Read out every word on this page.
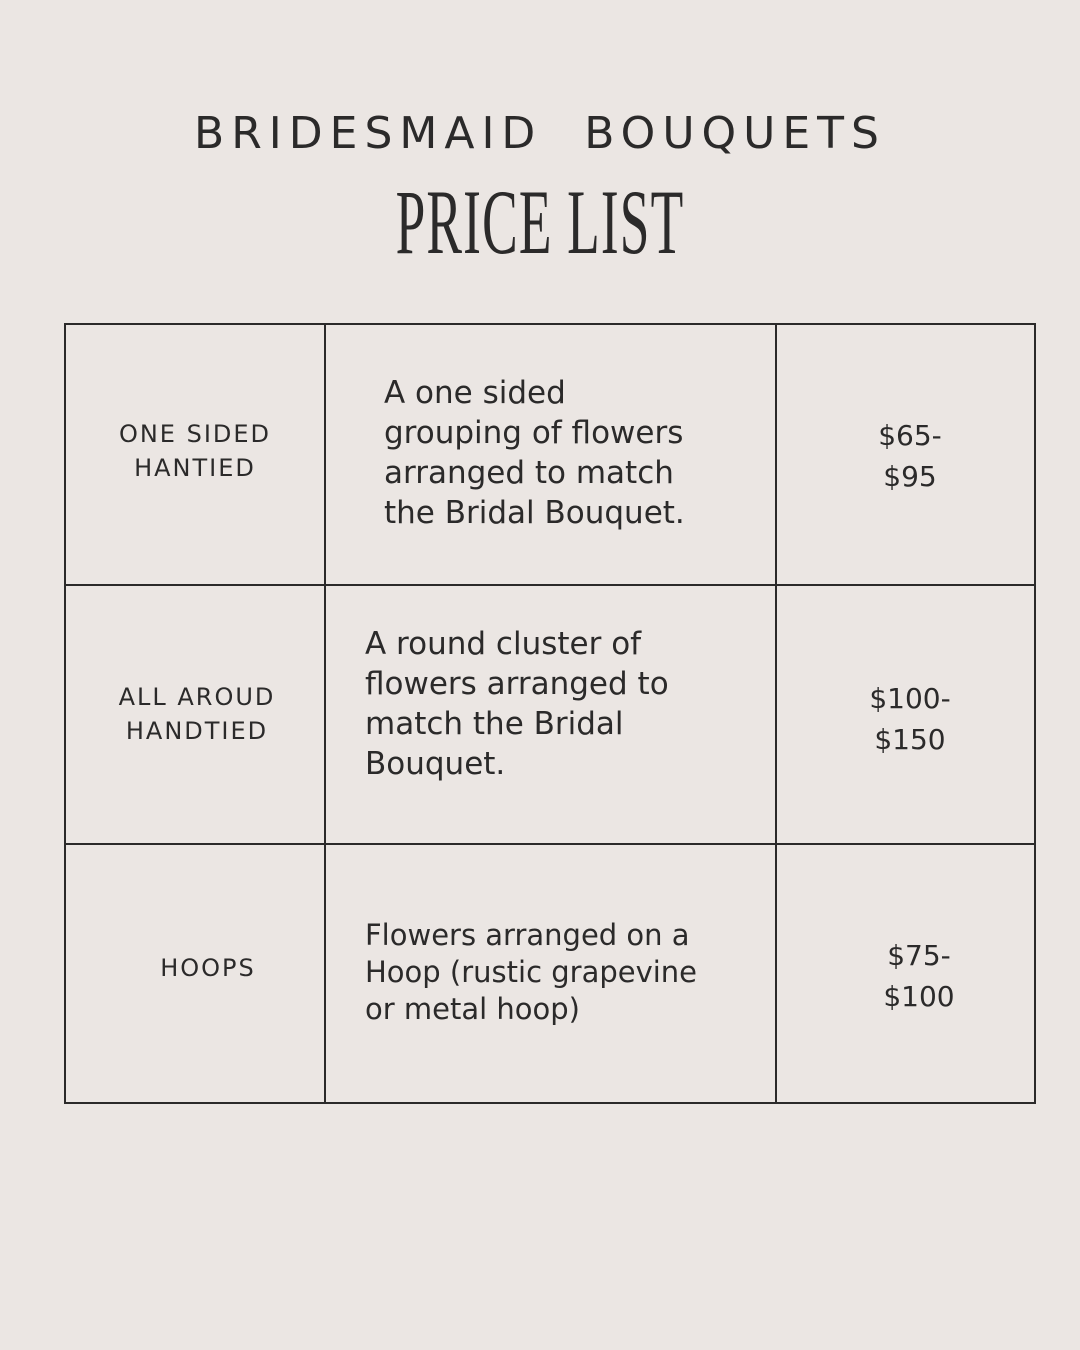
BRIDESMAID  BOUQUETS
PRICE LIST
ONE SIDED
HANTIED
A one sided
grouping of flowers
arranged to match
the Bridal Bouquet.
$65-
$95
ALL AROUD
HANDTIED
A round cluster of
flowers arranged to
match the Bridal
Bouquet.
$100-
$150
HOOPS
Flowers arranged on a
Hoop (rustic grapevine
or metal hoop)
$75-
$100
